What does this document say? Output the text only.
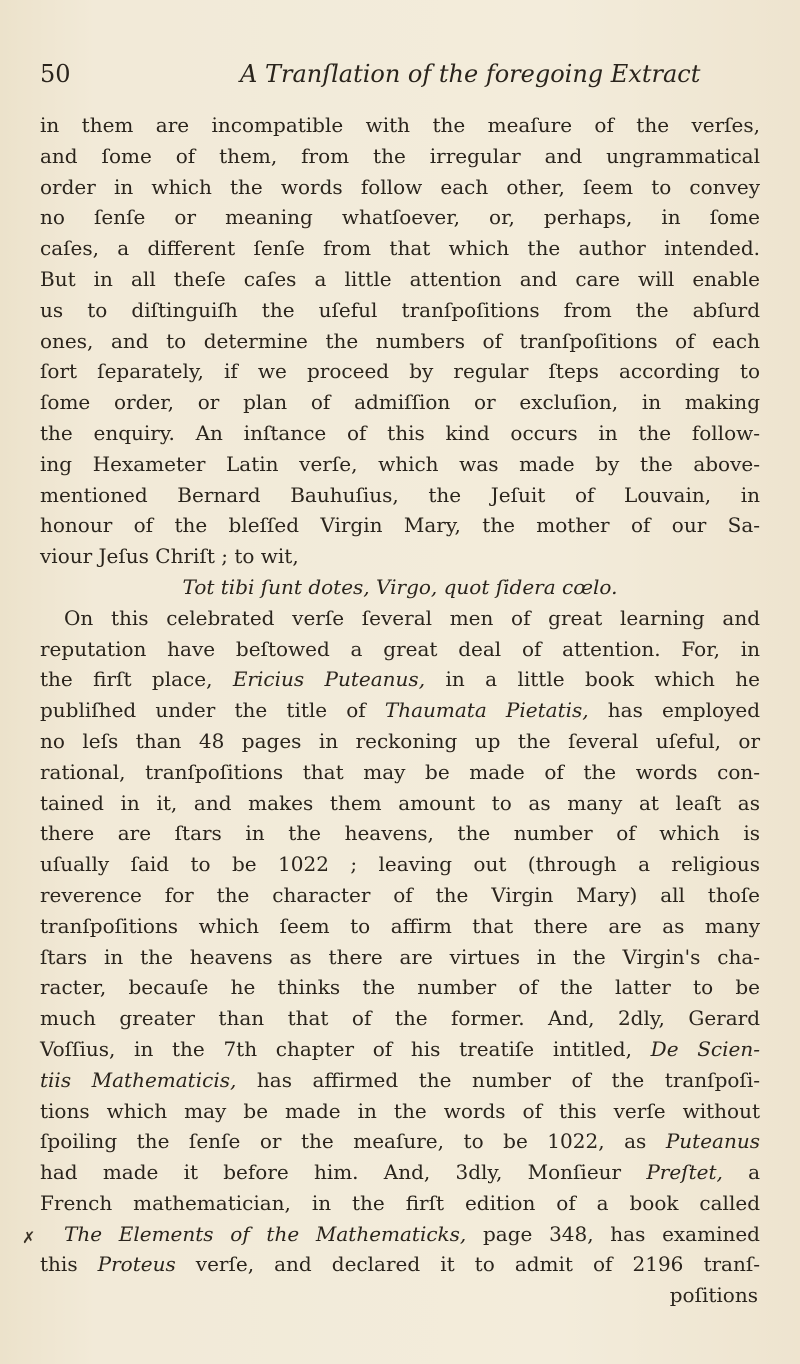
50	A Tranſlation of the foregoing Extract
in them are incompatible with the meaſure of the verſes,
and ſome of them, from the irregular and ungrammatical
order in which the words follow each other, ſeem to convey
no ſenſe or meaning whatſoever, or, perhaps, in ſome
caſes, a different ſenſe from that which the author intended.
But in all theſe caſes a little attention and care will enable
us to diſtinguiſh the uſeful tranſpoſitions from the abſurd
ones, and to determine the numbers of tranſpoſitions of each
ſort ſeparately, if we proceed by regular ſteps according to
ſome order, or plan of admiſſion or excluſion, in making
the enquiry. An inſtance of this kind occurs in the follow-
ing Hexameter Latin verſe, which was made by the above-
mentioned Bernard Bauhuſius, the Jeſuit of Louvain, in
honour of the bleſſed Virgin Mary, the mother of our Sa-
viour Jeſus Chriſt ; to wit,
Tot tibi ſunt dotes, Virgo, quot ſidera cœlo.
On this celebrated verſe ſeveral men of great learning and
reputation have beſtowed a great deal of attention. For, in
the firſt place, Ericius Puteanus, in a little book which he
publiſhed under the title of Thaumata Pietatis, has employed
no leſs than 48 pages in reckoning up the ſeveral uſeful, or
rational, tranſpoſitions that may be made of the words con-
tained in it, and makes them amount to as many at leaſt as
there are ſtars in the heavens, the number of which is
uſually ſaid to be 1022 ; leaving out (through a religious
reverence for the character of the Virgin Mary) all thoſe
tranſpoſitions which ſeem to affirm that there are as many
ſtars in the heavens as there are virtues in the Virgin's cha-
racter, becauſe he thinks the number of the latter to be
much greater than that of the former. And, 2dly, Gerard
Voſſius, in the 7th chapter of his treatiſe intitled, De Scien-
tiis Mathematicis, has affirmed the number of the tranſpoſi-
tions which may be made in the words of this verſe without
ſpoiling the ſenſe or the meaſure, to be 1022, as Puteanus
had made it before him. And, 3dly, Monſieur Preſtet, a
French mathematician, in the firſt edition of a book called
The Elements of the Mathematicks, page 348, has examined
this Proteus verſe, and declared it to admit of 2196 tranſ-
poſitions
✗
